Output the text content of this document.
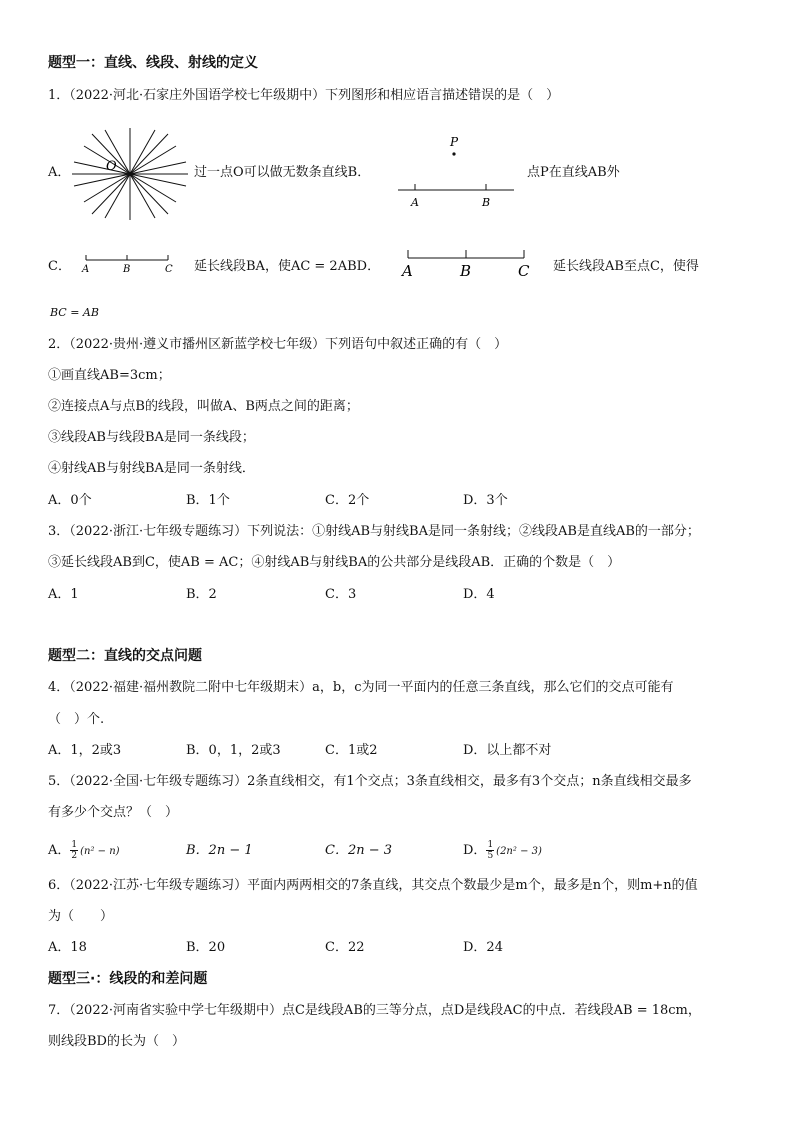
题型一：直线、线段、射线的定义
1．（2022·河北·石家庄外国语学校七年级期中）下列图形和相应语言描述错误的是（　）
A．	O	过一点O可以做无数条直线B．
P
A	B
点P在直线AB外
C． A	B	C 延长线段BA，使AC = 2ABD． A	B	C 延长线段AB至点C，使得
BC = AB
2．（2022·贵州·遵义市播州区新蓝学校七年级）下列语句中叙述正确的有（　）
①画直线AB=3cm；
②连接点A与点B的线段，叫做A、B两点之间的距离；
③线段AB与线段BA是同一条线段；
④射线AB与射线BA是同一条射线．
A．0个	B．1个	C．2个	D．3个
3．（2022·浙江·七年级专题练习）下列说法：①射线AB与射线BA是同一条射线；②线段AB是直线AB的一部分；
③延长线段AB到C，使AB = AC；④射线AB与射线BA的公共部分是线段AB．正确的个数是（　）
A．1	B．2	C．3	D．4
题型二：直线的交点问题
4．（2022·福建·福州教院二附中七年级期末）a，b，c为同一平面内的任意三条直线，那么它们的交点可能有
（　）个.
A．1，2或3	B．0，1，2或3	C．1或2	D．以上都不对
5．（2022·全国·七年级专题练习）2条直线相交，有1个交点；3条直线相交，最多有3个交点；n条直线相交最多
有多少个交点？（　）
A． $\frac{1}{2} (n^2 - n)$	B．2n − 1	C．2n − 3	D． $\frac{1}{5} (2n^2 - 3)$
6．（2022·江苏·七年级专题练习）平面内两两相交的7条直线，其交点个数最少是m个，最多是n个，则m+n的值
为（　　）
A．18	B．20	C．22	D．24
题型三·：线段的和差问题
7．（2022·河南省实验中学七年级期中）点C是线段AB的三等分点，点D是线段AC的中点．若线段AB = 18cm，
则线段BD的长为（　）
